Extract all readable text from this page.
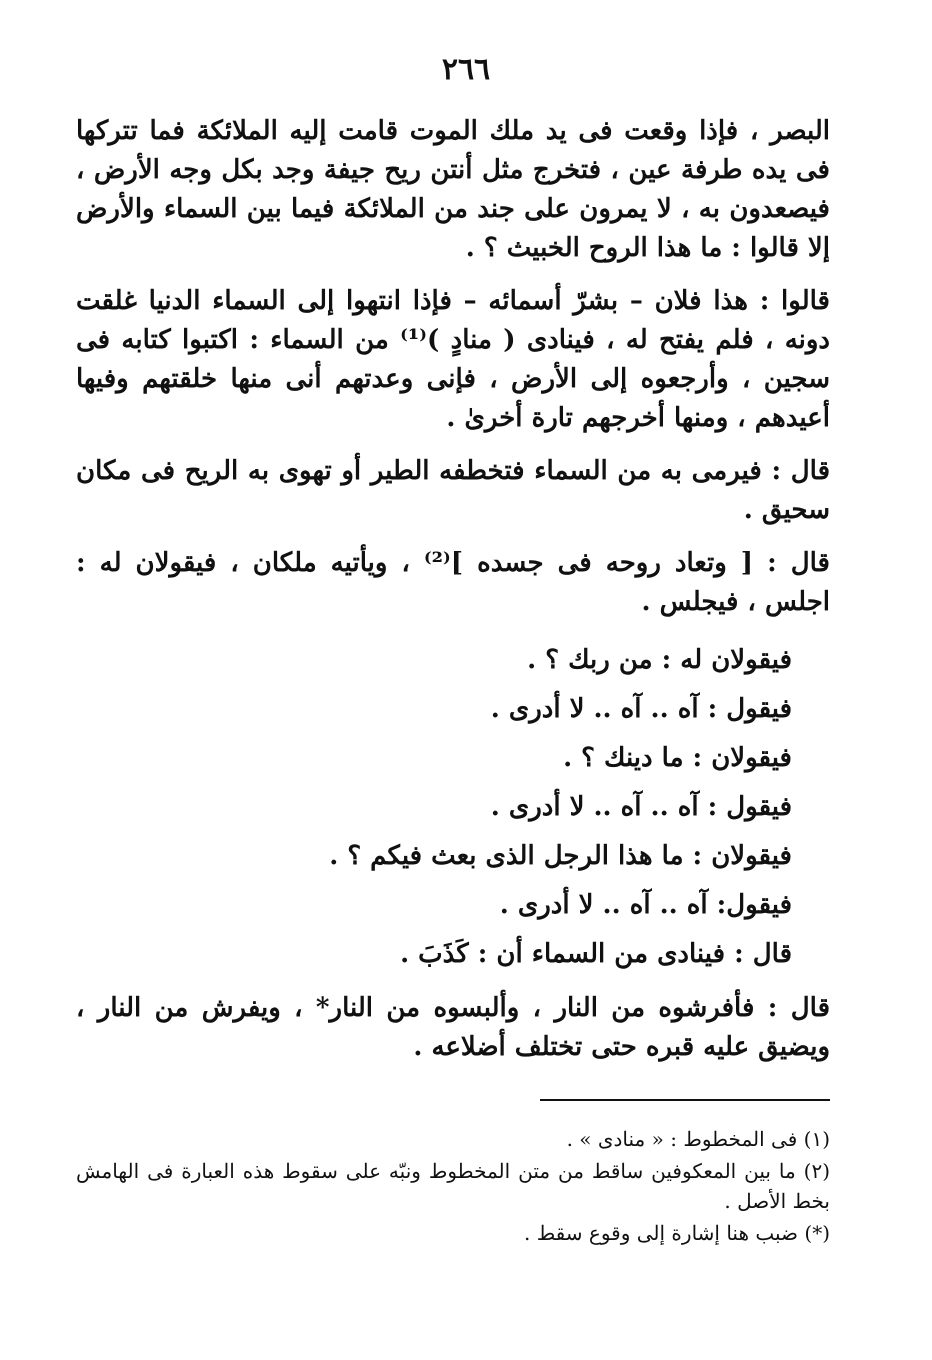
٢٦٦

البصر ، فإذا وقعت فى يد ملك الموت قامت إليه الملائكة فما تتركها فى يده طرفة عين ، فتخرج مثل أنتن ريح جيفة وجد بكل وجه الأرض ، فيصعدون به ، لا يمرون على جند من الملائكة فيما بين السماء والأرض إلا قالوا : ما هذا الروح الخبيث ؟ .

قالوا : هذا فلان – بشرّ أسمائه – فإذا انتهوا إلى السماء الدنيا غلقت دونه ، فلم يفتح له ، فينادى ( منادٍ )⁽¹⁾ من السماء : اكتبوا كتابه فى سجين ، وأرجعوه إلى الأرض ، فإنى وعدتهم أنى منها خلقتهم وفيها أعيدهم ، ومنها أخرجهم تارة أخرىٰ .

قال : فيرمى به من السماء فتخطفه الطير أو تهوى به الريح فى مكان سحيق .

قال : [ وتعاد روحه فى جسده ]⁽²⁾ ، ويأتيه ملكان ، فيقولان له : اجلس ، فيجلس .

فيقولان له : من ربك ؟ .

فيقول : آه .. آه .. لا أدرى .

فيقولان : ما دينك ؟ .

فيقول : آه .. آه .. لا أدرى .

فيقولان : ما هذا الرجل الذى بعث فيكم ؟ .

فيقول: آه .. آه .. لا أدرى .

قال : فينادى من السماء أن : كَذَبَ .

قال : فأفرشوه من النار ، وألبسوه من النار* ، ويفرش من النار ، ويضيق عليه قبره حتى تختلف أضلاعه .

(١) فى المخطوط : « منادى » .

(٢) ما بين المعكوفين ساقط من متن المخطوط ونبّه على سقوط هذه العبارة فى الهامش بخط الأصل .

(*) ضبب هنا إشارة إلى وقوع سقط .
